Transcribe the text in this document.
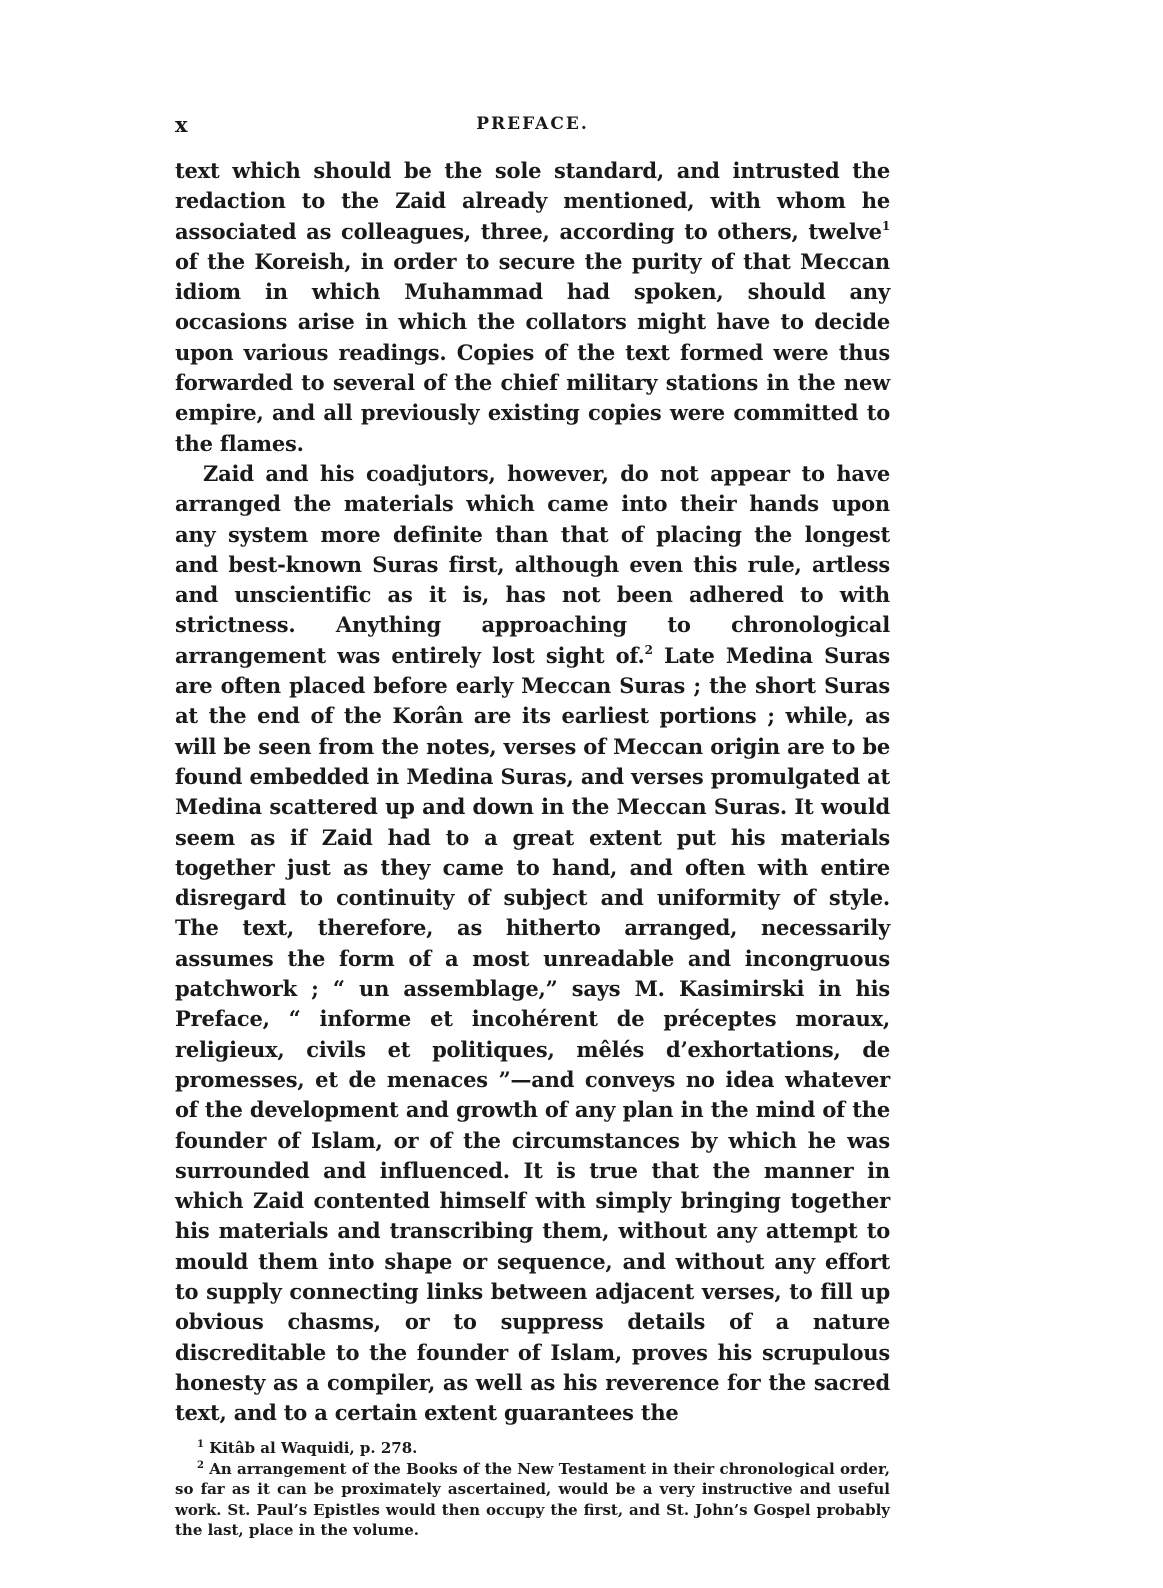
x	PREFACE.

text which should be the sole standard, and intrusted the redaction to the Zaid already mentioned, with whom he associated as colleagues, three, according to others, twelve$^1$ of the Koreish, in order to secure the purity of that Meccan idiom in which Muhammad had spoken, should any occasions arise in which the collators might have to decide upon various readings. Copies of the text formed were thus forwarded to several of the chief military stations in the new empire, and all previously existing copies were committed to the flames.

Zaid and his coadjutors, however, do not appear to have arranged the materials which came into their hands upon any system more definite than that of placing the longest and best-known Suras first, although even this rule, artless and unscientific as it is, has not been adhered to with strictness. Anything approaching to chronological arrangement was entirely lost sight of.$^2$ Late Medina Suras are often placed before early Meccan Suras ; the short Suras at the end of the Korân are its earliest portions ; while, as will be seen from the notes, verses of Meccan origin are to be found embedded in Medina Suras, and verses promulgated at Medina scattered up and down in the Meccan Suras. It would seem as if Zaid had to a great extent put his materials together just as they came to hand, and often with entire disregard to continuity of subject and uniformity of style. The text, therefore, as hitherto arranged, necessarily assumes the form of a most unreadable and incongruous patchwork ; “ un assemblage,” says M. Kasimirski in his Preface, “ informe et incohérent de préceptes moraux, religieux, civils et politiques, mêlés d’exhortations, de promesses, et de menaces ”—and conveys no idea whatever of the development and growth of any plan in the mind of the founder of Islam, or of the circumstances by which he was surrounded and influenced. It is true that the manner in which Zaid contented himself with simply bringing together his materials and transcribing them, without any attempt to mould them into shape or sequence, and without any effort to supply connecting links between adjacent verses, to fill up obvious chasms, or to suppress details of a nature discreditable to the founder of Islam, proves his scrupulous honesty as a compiler, as well as his reverence for the sacred text, and to a certain extent guarantees the

$^1$ Kitâb al Waquidi, p. 278.

$^2$ An arrangement of the Books of the New Testament in their chronological order, so far as it can be proximately ascertained, would be a very instructive and useful work. St. Paul’s Epistles would then occupy the first, and St. John’s Gospel probably the last, place in the volume.
